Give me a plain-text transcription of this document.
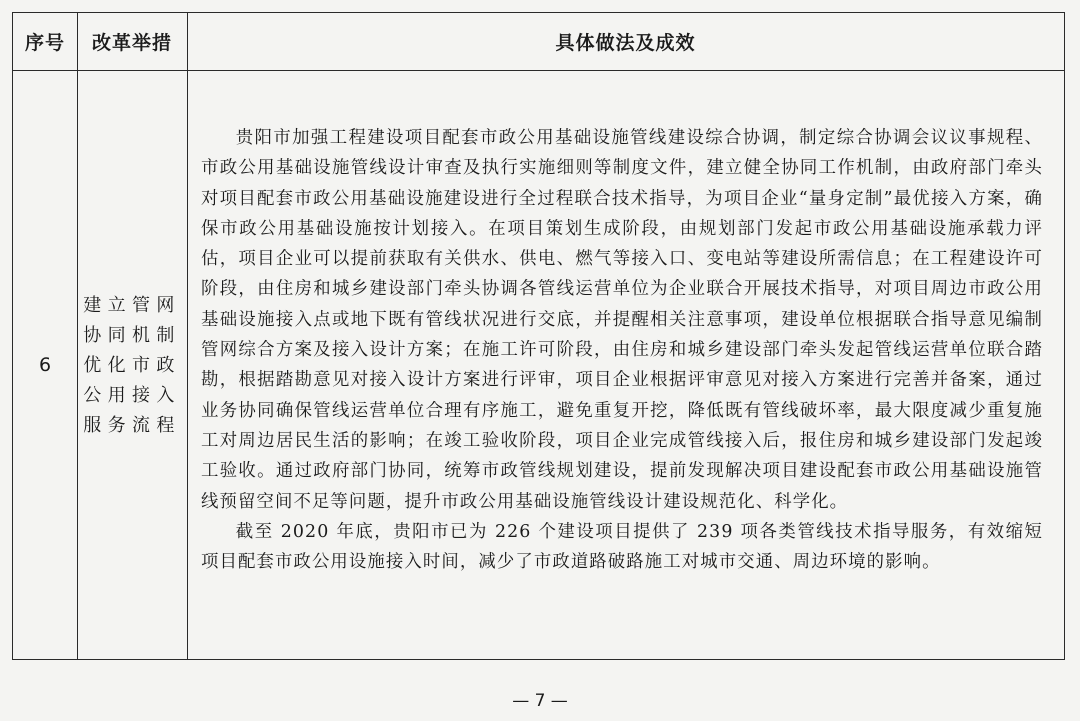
序号	改革举措	具体做法及成效
6
建立管网协同机制优化市政公用接入服务流程

贵阳市加强工程建设项目配套市政公用基础设施管线建设综合协调，制定综合协调会议议事规程、市政公用基础设施管线设计审查及执行实施细则等制度文件，建立健全协同工作机制，由政府部门牵头对项目配套市政公用基础设施建设进行全过程联合技术指导，为项目企业“量身定制”最优接入方案，确保市政公用基础设施按计划接入。在项目策划生成阶段，由规划部门发起市政公用基础设施承载力评估，项目企业可以提前获取有关供水、供电、燃气等接入口、变电站等建设所需信息；在工程建设许可阶段，由住房和城乡建设部门牵头协调各管线运营单位为企业联合开展技术指导，对项目周边市政公用基础设施接入点或地下既有管线状况进行交底，并提醒相关注意事项，建设单位根据联合指导意见编制管网综合方案及接入设计方案；在施工许可阶段，由住房和城乡建设部门牵头发起管线运营单位联合踏勘，根据踏勘意见对接入设计方案进行评审，项目企业根据评审意见对接入方案进行完善并备案，通过业务协同确保管线运营单位合理有序施工，避免重复开挖，降低既有管线破坏率，最大限度减少重复施工对周边居民生活的影响；在竣工验收阶段，项目企业完成管线接入后，报住房和城乡建设部门发起竣工验收。通过政府部门协同，统筹市政管线规划建设，提前发现解决项目建设配套市政公用基础设施管线预留空间不足等问题，提升市政公用基础设施管线设计建设规范化、科学化。

截至 2020 年底，贵阳市已为 226 个建设项目提供了 239 项各类管线技术指导服务，有效缩短项目配套市政公用设施接入时间，减少了市政道路破路施工对城市交通、周边环境的影响。

— 7 —
